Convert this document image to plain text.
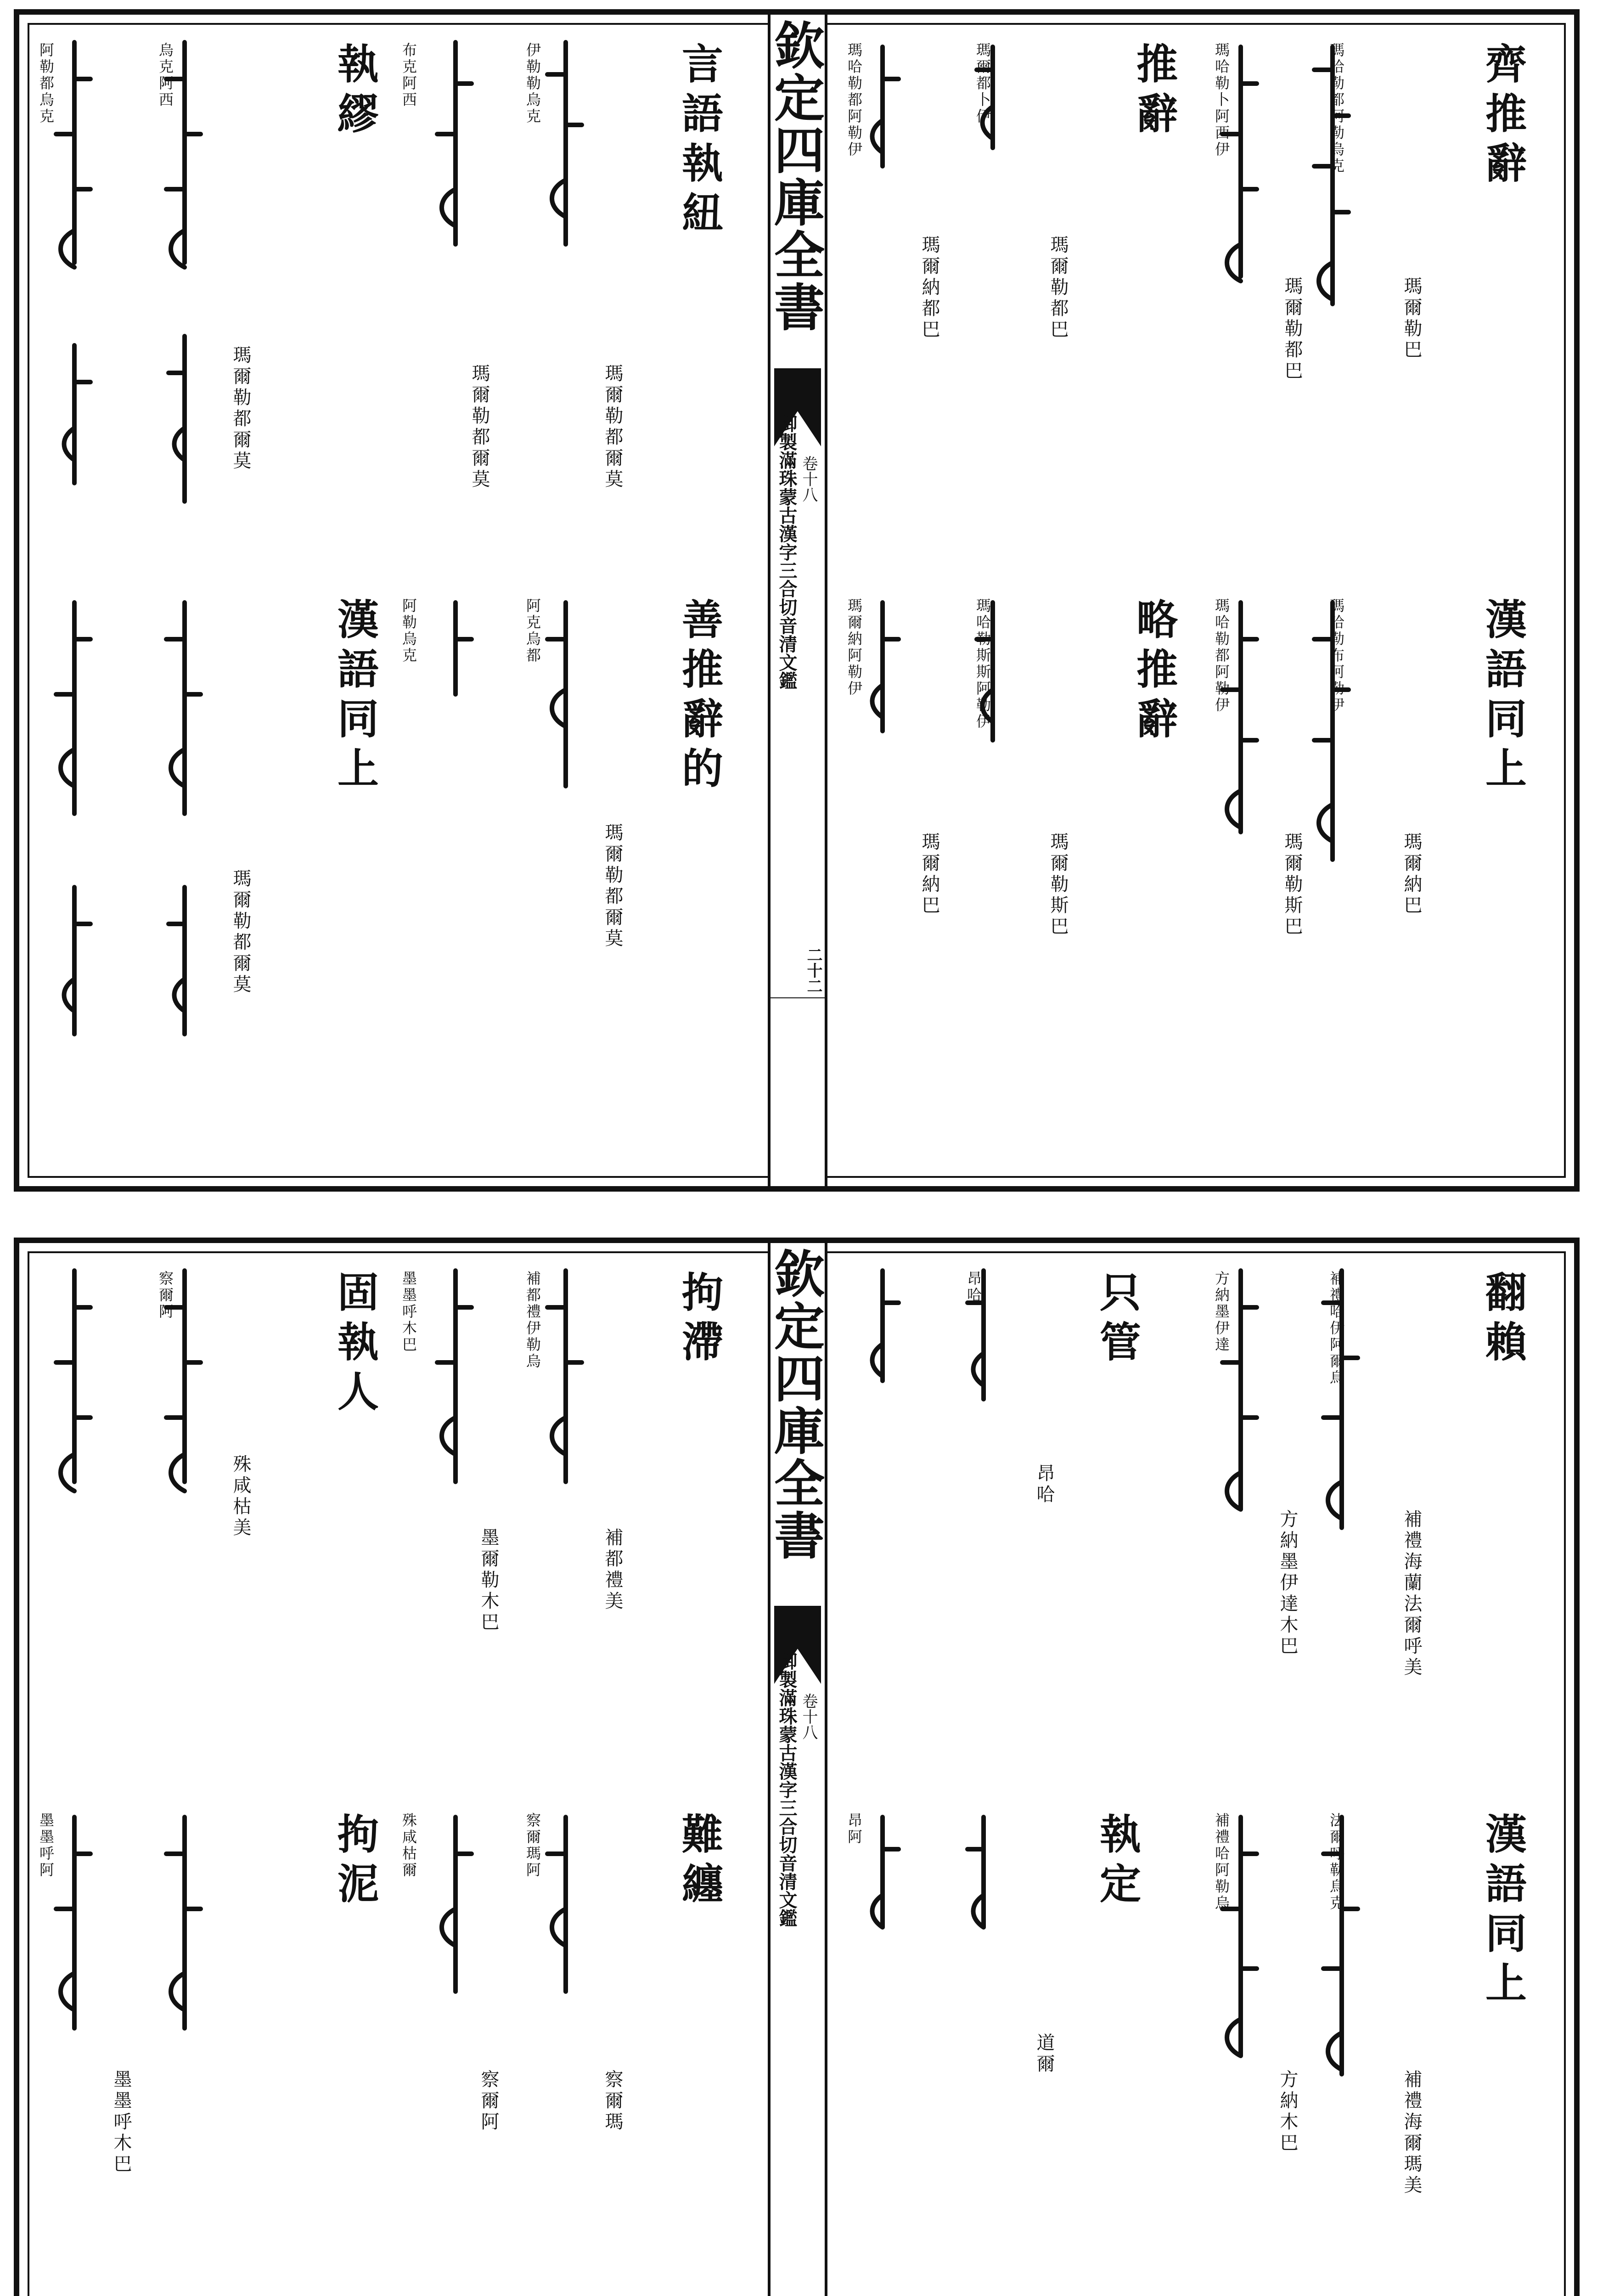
欽定四庫全書
御製滿珠蒙古漢字三合切音清文鑑 卷十八
二十二
齊推辭
漢語同上
推辭
略推辭
瑪爾勒巴
瑪爾勒都巴
瑪爾納巴
瑪爾勒斯巴
瑪爾勒都巴
瑪爾納都巴
瑪爾勒斯巴
瑪爾納巴
瑪哈勒都阿勒烏克
瑪哈勒卜阿西伊
瑪哈勒布阿勒伊
瑪哈勒都阿勒伊
瑪爾都卜伊
瑪哈勒都阿勒伊
瑪哈勒斯斯阿勒伊
瑪爾納阿勒伊
言語執紐
善推辭的
執繆
漢語同上
瑪爾勒都爾莫
瑪爾勒都爾莫
瑪爾勒都爾莫
瑪爾勒都爾莫
瑪爾勒都爾莫
伊勒勒烏克
阿克烏都
布克阿西
阿勒烏克
烏克阿西
阿勒都烏克
欽定四庫全書
御製滿珠蒙古漢字三合切音清文鑑 卷十八
翻賴
漢語同上
只管
執定
補禮海蘭法爾呼美
補禮海爾瑪美
方納墨伊達木巴
方納木巴
昂哈
道爾
補禮哈伊阿爾烏
法爾呼勒烏克
方納墨伊達
補禮哈阿勒烏
昂哈
昂阿
拘滯
難纏
固執人
拘泥
補都禮美
墨爾勒木巴
察爾瑪
察爾阿
殊咸枯美
墨墨呼木巴
補都禮伊勒烏
墨墨呼木巴
察爾瑪阿
殊咸枯爾
察爾阿
墨墨呼阿
